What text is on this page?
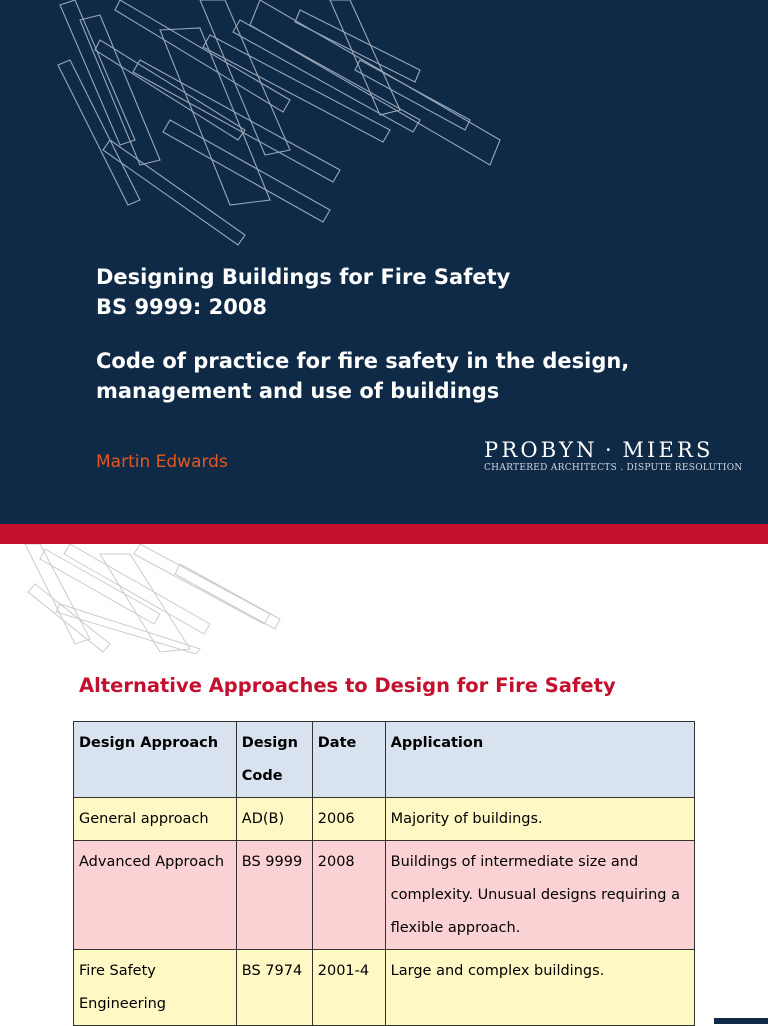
Designing Buildings for Fire Safety
BS 9999: 2008
Code of practice for fire safety in the design,
management and use of buildings
Martin Edwards	PROBYN · MIERS
CHARTERED ARCHITECTS . DISPUTE RESOLUTION
Alternative Approaches to Design for Fire Safety
Design Approach	Design Code	Date	Application
General approach	AD(B)	2006	Majority of buildings.
Advanced Approach	BS 9999	2008	Buildings of intermediate size and complexity. Unusual designs requiring a flexible approach.
Fire Safety Engineering	BS 7974	2001-4	Large and complex buildings.
